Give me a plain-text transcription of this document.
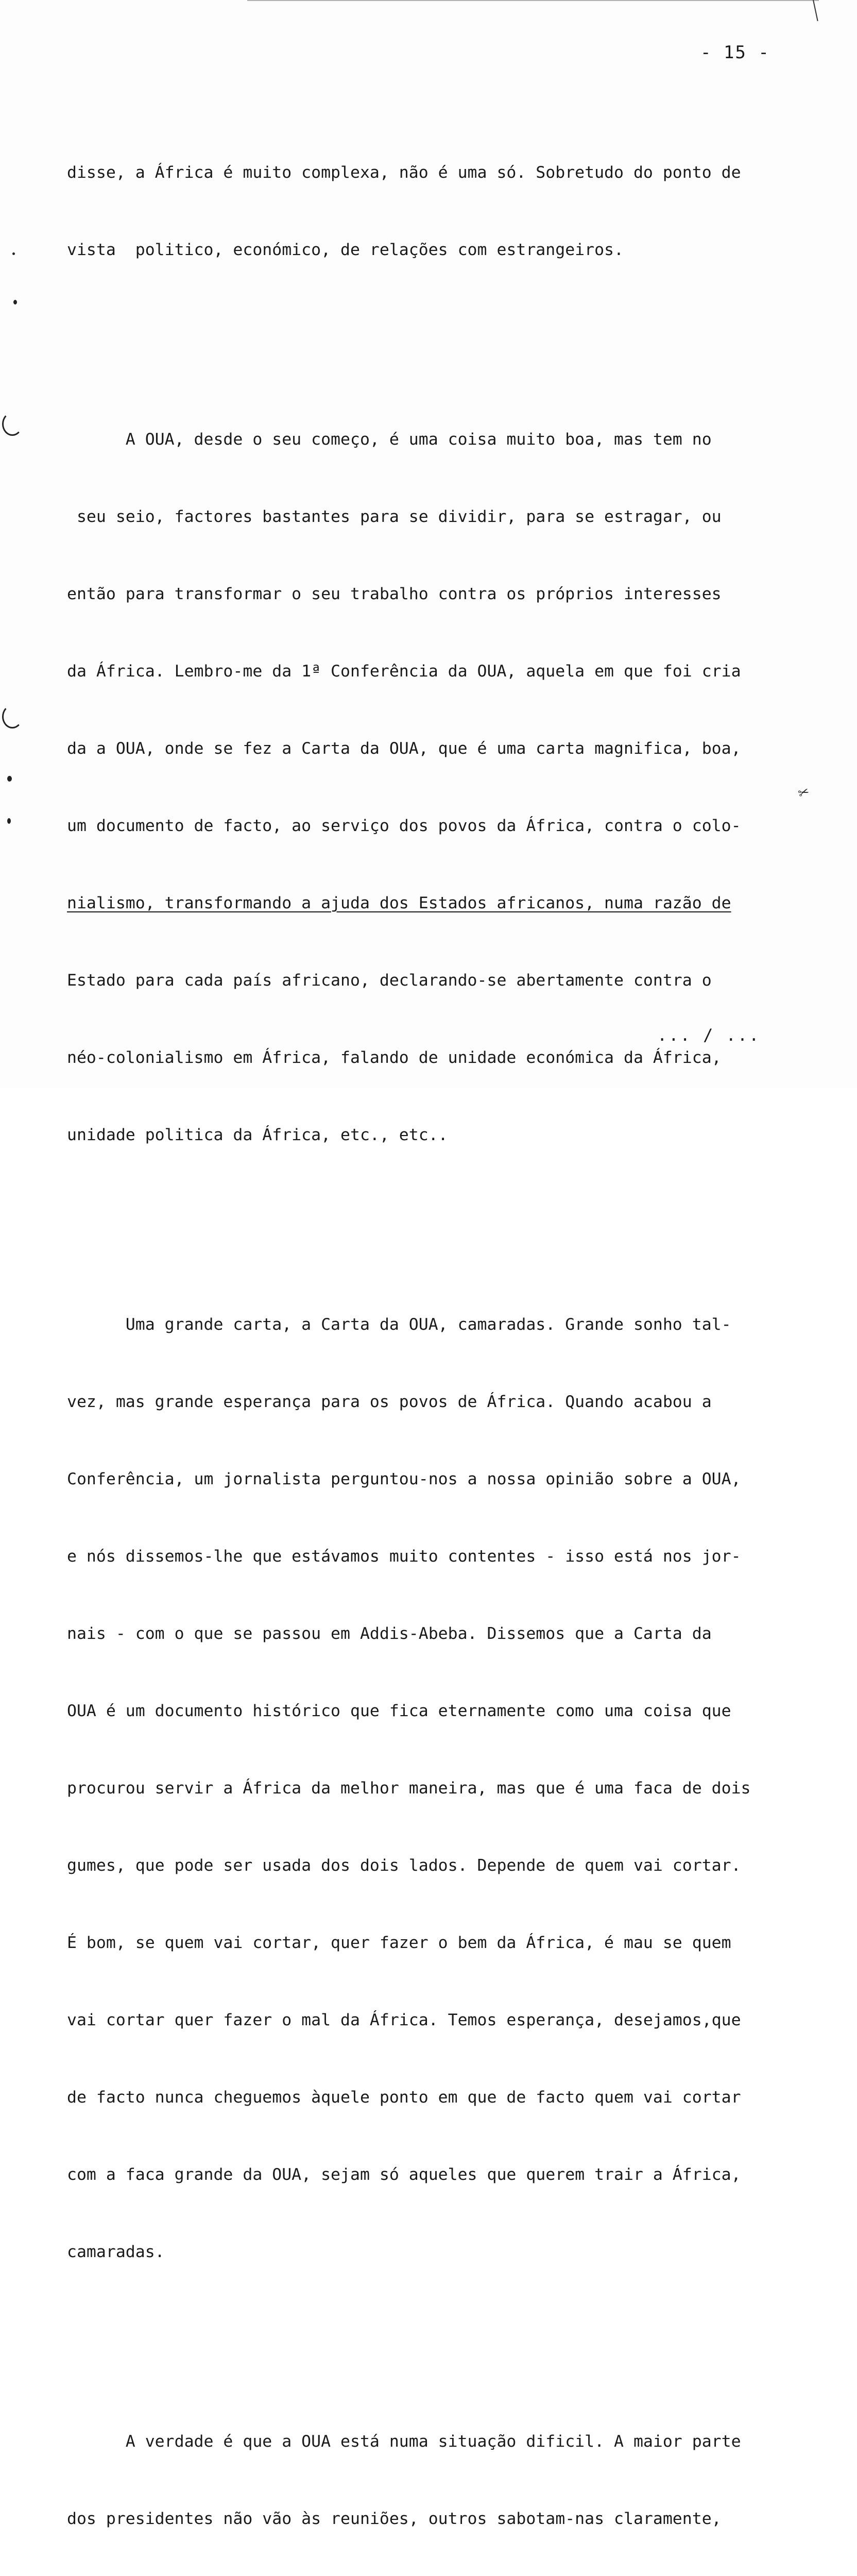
- 15 -
✂

disse, a África é muito complexa, não é uma só. Sobretudo do ponto de

vista  politico, económico, de relações com estrangeiros.

A OUA, desde o seu começo, é uma coisa muito boa, mas tem no

seu seio, factores bastantes para se dividir, para se estragar, ou

então para transformar o seu trabalho contra os próprios interesses

da África. Lembro-me da 1ª Conferência da OUA, aquela em que foi cria

da a OUA, onde se fez a Carta da OUA, que é uma carta magnifica, boa,

um documento de facto, ao serviço dos povos da África, contra o colo-

nialismo, transformando a ajuda dos Estados africanos, numa razão de

Estado para cada país africano, declarando-se abertamente contra o

néo-colonialismo em África, falando de unidade económica da África,

unidade politica da África, etc., etc..

Uma grande carta, a Carta da OUA, camaradas. Grande sonho tal-

vez, mas grande esperança para os povos de África. Quando acabou a

Conferência, um jornalista perguntou-nos a nossa opinião sobre a OUA,

e nós dissemos-lhe que estávamos muito contentes - isso está nos jor-

nais - com o que se passou em Addis-Abeba. Dissemos que a Carta da

OUA é um documento histórico que fica eternamente como uma coisa que

procurou servir a África da melhor maneira, mas que é uma faca de dois

gumes, que pode ser usada dos dois lados. Depende de quem vai cortar.

É bom, se quem vai cortar, quer fazer o bem da África, é mau se quem

vai cortar quer fazer o mal da África. Temos esperança, desejamos,que

de facto nunca cheguemos àquele ponto em que de facto quem vai cortar

com a faca grande da OUA, sejam só aqueles que querem trair a África,

camaradas.

A verdade é que a OUA está numa situação dificil. A maior parte

dos presidentes não vão às reuniões, outros sabotam-nas claramente,

... / ...
